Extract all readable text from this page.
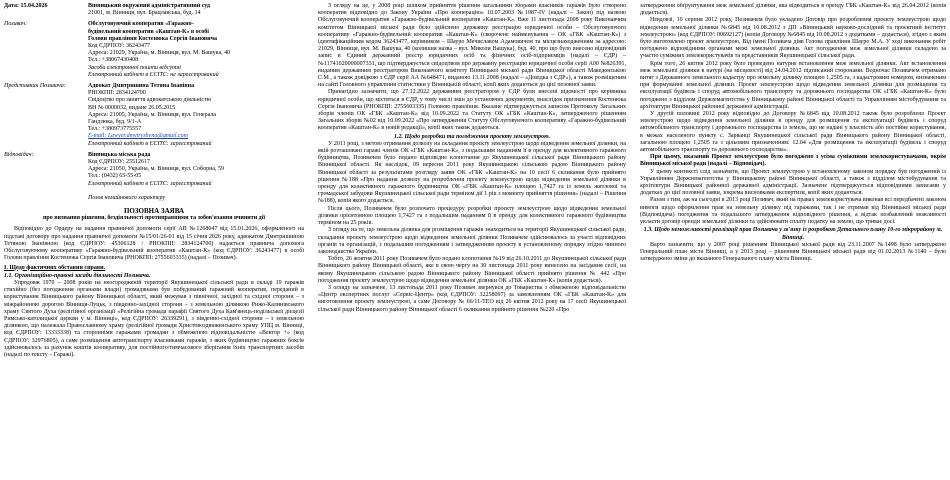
Дата: 15.04.2026	Вінницький окружний адміністративний суд
21001, м. Вінниця, вул. Брацлавська, буд. 14
Позивач:	Обслуговуючий кооператив «Гаражно-
будівельний кооператив «Каштан-К» в особі
Голови правління Костенюка Сергія Івановича
Код ЄДРПОУ: 36243477
Адреса: 21029, Україна, м. Вінниця, вул. М. Вашука, 40
Тел.: +38067430408
Засоби електронної пошти відсутні
Електронний кабінет в ЄСІТС: не зареєстрований
Представник Позивача:	Адвокат Дмитришина Тетяна Іванівна
РНОКПП: 2834124700
Свідоцтво про заняття адвокатською діяльністю
ВН № 0000032, видане 26.05.2015
Адреса: 21005, Україна, м. Вінниця, вул. Генерала
Гандзюка, буд. 9/1-А
Тел.: +380973775557
E-mail: Lawyer.dmytryshyna@gmail.com
Електронний кабінет в ЄСІТС: зареєстрований
Відповідач:	Вінницька міська рада
Код ЄДРПОУ: 25512617
Адреса: 21050, Україна, м. Вінниця, вул. Соборна, 59
Тел.: (0432) 65-55-05
Електронний кабінет в ЄСІТС: зареєстрований

Позов немайнового характеру
ПОЗОВНА ЗАЯВА
про визнання рішення, бездіяльності протиправними та зобов'язання вчинити дії

Відповідно до Ордеру на надання правничої допомоги серії АВ №1268047 від 15.01.2026, оформленого на підставі договору про надання правничої допомоги №15/01/26-01 від 15 січня 2026 року, адвокатом Дмитришиною Тетяною Іванівною (код ЄДРПОУ: 45306128 / РНОКПП: 2834124700) надається правнича допомога Обслуговуючому кооперативу «Гаражно-будівельний кооператив «Каштан-К» (код ЄДРПОУ: 36243477) в особі Голови правління Костенюка Сергія Івановича (РНОКПП: 2755603335) (надалі – Позивач).

I. Щодо фактичних обставин справи.
1.1. Організаційно-правові засади діяльності Позивача.

Упродовж 1970 – 2008 років на неогородженій території Якушинецької сільської ради в складі 19 гаражів стихійно (без погодження органами влади) громадянами був побудований гаражний кооператив, переданий в користування Вінницького району Вінницької області, який межував з північної, західної та східної сторони – з міжрайонною дорогою Вінниця-Луцьк, з південно-західної сторони – з земельною ділянкою Рижо-Калинівського храму Святого Духа (релігійної організації «Релігійна громада парафії Святого Духа Кам'янець-подільської дієцезії Римсько-католицької церкви у м. Вінниці», код ЄДРПОУ: 26339291), з південно-східної сторони – з земельною ділянкою, що належала Православному храму (релігійної громади Христовоздвиженського храму УПЦ м. Вінниці, код ЄДРПОУ: 13333338) та сторонніми гаражами громадян з обмеженою відповідальністю «Вектор +» (код ЄДРПОУ: 32976805), а саме розміщення автотранспорту власниками гаражів, з яких будівництво гаражних боксів здійснювалось за рахунок коштів кооперативу, для постійного/тимчасового зберігання їхніх транспортних засобів (надалі по тексту – Гаражі).

З огляду на це, у 2008 році шляхом прийняття рішення загальними зборами власників гаражів було створено кооператив відповідно до Закону України «Про кооперацію» 10.07.2003 №1087-IV (надалі – Закон) під назвою Обслуговуючий кооператив «Гаражно-будівельний кооператив «Каштан-К». Вже 11 листопада 2008 року Виконавчим комітетом Вінницької міської ради було здійснено державну реєстрацію юридичної особи – Обслуговуючого кооперативу «Гаражно-будівельний кооператив «Каштан-К» (скорочене найменування – ОК «ГБК «Каштан-К») з ідентифікаційним кодом 36243477, керівником – Шауро Мечиславом Адамовичем та місцезнаходженням за адресою: 21029, Вінниця, вул. М. Вашука, 40 (колишня назва – вул. Миколи Вашука), буд. 40, про що було внесено відповідний запис в Єдиний державний реєстр юридичних осіб та фізичних осіб-підприємців (надалі – ЄДР) – №11741020000007331, що підтверджується свідоцтвом про державну реєстрацію юридичної особи серії А00 №826391, виданим державним реєстратором Виконавчого комітету Вінницької міської ради Вінницької області Македонською С.М., а також довідкою з ЄДР серії АА №648471, виданою 13.11.2008 (надалі – «Довідка з ЄДР»), а також розміщеним на сайті Головного управління статистики у Вінницькій області, копії яких додаються до цієї позовної заяви.

Принагідно зазначити, що 27.12.2022 державним реєстратором у ЄДР були внесені відомості про керівника юридичної особи, що містяться в ЄДР, у тому числі змін до установчих документів, внаслідок призначення Костенюка Сергія Івановича (РНОКПП: 2755603335) Головою правління. Вказане підтверджується записом Протоколу Загальних зборів членів ОК «ГБК «Каштан-К» від 10.09.2022 та Статуту ОК «ГБК «Каштан-К», затвердженого рішенням Загальних зборів №02 від 10.09.2022 «Про затвердження Статуту Обслуговуючого кооперативу «Гаражно-будівельний кооператив «Каштан-К» в новій редакції», копії яких також додаються.

1.2. Щодо розробки та погодження проєкту землеустрою.

У 2011 році, з метою отримання дозволу на складання проєкту землеустрою щодо відведення земельної ділянки, на якій розташовані гаражі членів ОК «ГБК «Каштан-К», з подальшим наданням її в оренду для колективного гаражного будівництва, Позивачем було подано відповідне клопотання до Якушинецької сільської ради Вінницького району Вінницької області. Як наслідок, 09 вересня 2011 року Якушинецькою сільською радою Вінницького району Вінницької області за результатами розгляду заяви ОК «ГБК «Каштан-К» на 10 сесії 6 скликання було прийнято рішення №188 «Про надання дозволу на розроблення проєкту землеустрою щодо відведення земельної ділянки в оренду для колективного гаражного будівництва ОК «ГБК «Каштан-К» площею 1,7427 га із земель житлової та громадської забудови Якушинецької сільської ради терміном дії 1 рік з моменту прийняття рішення» (надалі – Рішення №188), копія якого додається.

Після цього, Позивачем було розпочато процедуру розробки проєкту землеустрою щодо відведення земельної ділянки орієнтовною площею 1,7427 га з подальшим наданням її в оренду для колективного гаражного будівництва терміном на 25 років.

З огляду на те, що земельна ділянка для розміщення гаражів знаходиться на території Якушинецької сільської ради, складання проєкту землеустрою щодо відведення земельної ділянки Позивачем здійснювалось за участі відповідних органів та організацій, з подальшим погодженням і затвердженням проєкту в установленому порядку згідно чинного законодавства України.

Тобто, 26 жовтня 2011 року Позивачем було подано клопотання №19 від 26.10.2011 до Якушинецької сільської ради Вінницького району Вінницької області, яке в свою чергу на 30 листопада 2011 року винесено на засідання сесії, на якому Якушинецькою сільською радою Вінницького району Вінницької області прийнято рішення № 442 «Про погодження проєкту землеустрою щодо відведення земельної ділянки ОК «ГБК «Каштан-К» (копія додається).

З огляду на зазначене, 13 листопада 2011 року Позивач звернувся до Товариства з обмеженою відповідальністю «Центр експертних послуг «Сервіс-Центр» (код ЄДРПОУ: 32258097) за замовленням ОК «ГБК «Каштан-К» для виготовлення проєкту землеустрою, а саме Договору № 66/11-ТЕО від 26 квітня 2012 року на 17 сесії Якушинецької сільської ради Вінницького району Вінницької області 6 скликання прийнято рішення №220 «Про

затвердження обґрунтування меж земельної ділянки, яка відводиться в оренду ГБК «Каштан-К» від 26.04.2012 (копія додається).

Невдовзі, 10 серпня 2012 року, Позивачем було укладено Договір про розроблення проєкту землеустрою щодо відведення земельної ділянки №6845 від 10.08.2012 з ДП «Вінницький науково-дослідний та проєктний інститут землеустрою» (код ЄДРПОУ: 00692127) (копія Договору №6845 від 10.08.2012 з додатками – додається), згідно з яким було виготовлено проєкт землеустрою. Від імені Позивача діяв Голова правління Шауро М.А. У ході виконання робіт погоджено відповідними органами межі земельної ділянки. Акт погодження меж земельної ділянки складено за участю суміжних землекористувачів та представників Якушинецької сільської ради.

Крім того, 26 квітня 2012 року було проведено натурне встановлення меж земельної ділянки. Акт встановлення меж земельної ділянки в натурі (на місцевості) від 24.04.2012 підписаний сторонами. Водночас Позивачем отримано витяг з Державного земельного кадастру про земельну ділянку площею 1,2505 га, з кадастровим номером, визначеним при формуванні земельної ділянки. Проєкт землеустрою щодо відведення земельної ділянки для розміщення та експлуатації будівель і споруд автомобільного транспорту та дорожнього господарства ОК «ГБК «Каштан-К» було погоджено з відділом Держземагентства у Вінницькому районі Вінницької області та Управлінням містобудування та архітектури Вінницької районної державної адміністрації.

У другій половині 2012 року відповідно до Договору №6845 від 10.08.2012 також було розроблено Проект землеустрою щодо відведення земельної ділянки в оренду для розміщення та експлуатації будівель і споруд автомобільного транспорту і дорожнього господарства із земель, що не надані у власність або постійне користування, в межах населеного пункту с. Зарванці Якушинецької сільської ради Вінницького району Вінницької області, загальною площею 1,2505 га з цільовим призначенням: 12.04 «Для розміщення та експлуатації будівель і споруд автомобільного транспорту та дорожнього господарства».

При цьому, вказаний Проект землеустрою було погоджено з усіма суміжними землекористувачами, окрім Вінницької міської ради (надалі – Відповідач).

У цьому контексті слід зазначити, що Проект землеустрою у встановленому законом порядку був погоджений із Управлінням Держземагентства у Вінницькому районі Вінницької області, а також з відділом містобудування та архітектури Вінницької районної державної адміністрації. Зазначене підтверджується відповідними записами у додатках до цієї позовної заяви, зокрема висновками експертизи, копії яких додаються.

Разом з тим, аж на сьогодні в 2013 році Позивач, який на правах землекористувача виконав всі передбачені законом вимоги щодо оформлення прав на земельну ділянку під гаражами, так і не отримав від Вінницької міської ради (Відповідача) погодження та подальшого затвердження відповідного рішення, а відтак позбавлений можливості укласти договір оренди земельної ділянки та здійснювати сплату податку на землю, що триває досі.

1.3. Щодо неможливості реалізації прав Позивача у зв'язку із розробкою Детального плану 10-го мікрорайону м. Вінниці.

Варто зазначити, що у 2007 році рішенням Вінницької міської ради від 23.11.2007 №1498 було затверджено Генеральний план міста Вінниці, а у 2013 році – рішенням Вінницької міської ради від 01.02.2013 №1140 – було затверджено зміни до вказаного Генерального плану міста Вінниці.
